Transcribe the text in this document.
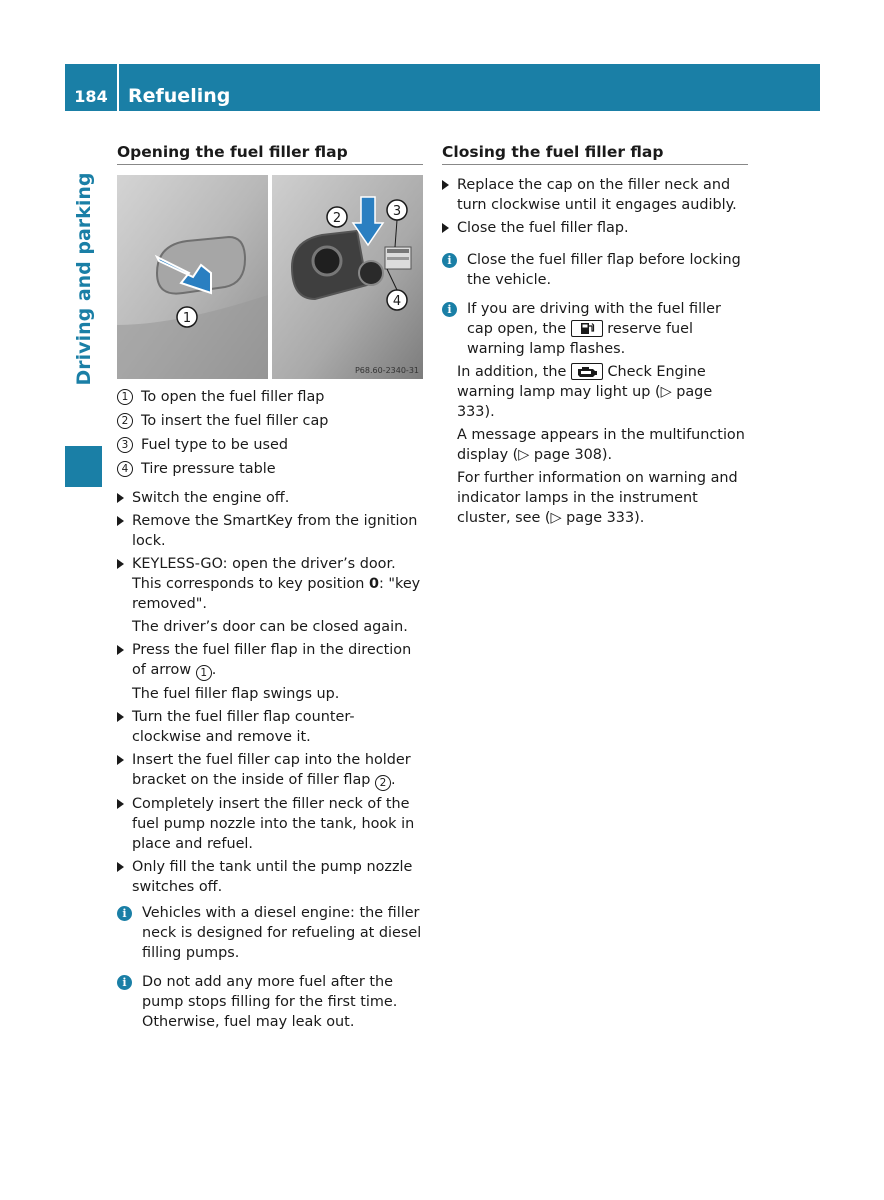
184	Refueling
Driving and parking
Opening the fuel filler flap
1
2	3
4
P68.60-2340-31
1 To open the fuel filler flap
2 To insert the fuel filler cap
3 Fuel type to be used
4 Tire pressure table
Switch the engine off.
Remove the SmartKey from the ignition lock.
KEYLESS-GO: open the driver’s door. This corresponds to key position 0: "key removed".
The driver’s door can be closed again.
Press the fuel filler flap in the direction of arrow 1 .
The fuel filler flap swings up.
Turn the fuel filler flap counter-clockwise and remove it.
Insert the fuel filler cap into the holder bracket on the inside of filler flap 2 .
Completely insert the filler neck of the fuel pump nozzle into the tank, hook in place and refuel.
Only fill the tank until the pump nozzle switches off.
i	Vehicles with a diesel engine: the filler neck is designed for refueling at diesel filling pumps.
i	Do not add any more fuel after the pump stops filling for the first time. Otherwise, fuel may leak out.
Closing the fuel filler flap
Replace the cap on the filler neck and turn clockwise until it engages audibly.
Close the fuel filler flap.
i	Close the fuel filler flap before locking the vehicle.
i	If you are driving with the fuel filler cap open, the  reserve fuel warning lamp flashes.
In addition, the  Check Engine warning lamp may light up (▷ page 333).
A message appears in the multifunction display (▷ page 308).
For further information on warning and indicator lamps in the instrument cluster, see (▷ page 333).
